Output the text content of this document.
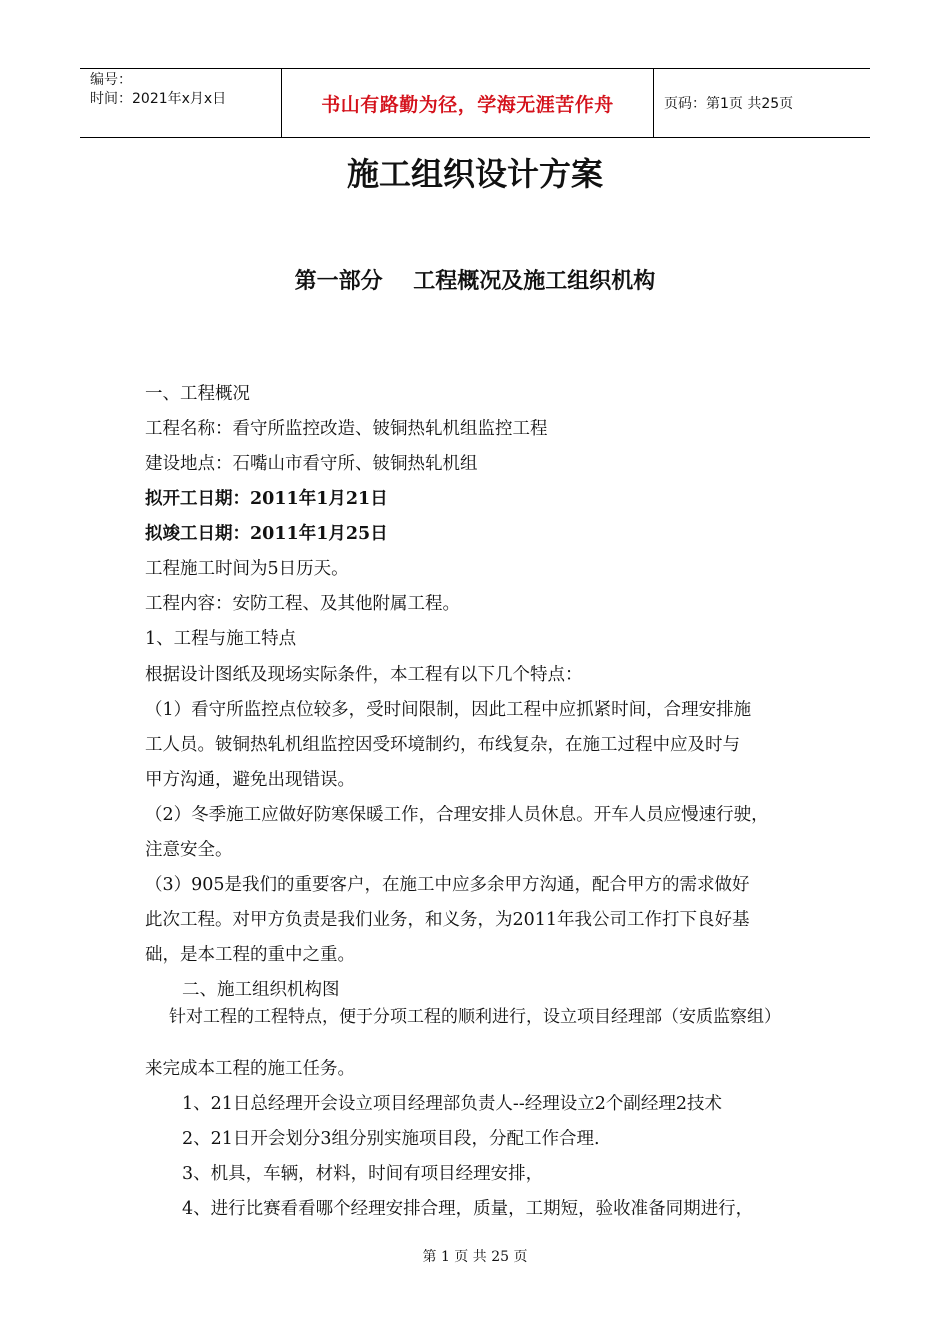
编号：
时间：2021年x月x日	书山有路勤为径，学海无涯苦作舟	页码：第1页 共25页
施工组织设计方案
第一部分    工程概况及施工组织机构
一、工程概况
工程名称：看守所监控改造、铍铜热轧机组监控工程
建设地点：石嘴山市看守所、铍铜热轧机组
拟开工日期：2011年1月21日
拟竣工日期：2011年1月25日
工程施工时间为5日历天。
工程内容：安防工程、及其他附属工程。
1、工程与施工特点
根据设计图纸及现场实际条件，本工程有以下几个特点：
（1）看守所监控点位较多，受时间限制，因此工程中应抓紧时间，合理安排施
工人员。铍铜热轧机组监控因受环境制约，布线复杂，在施工过程中应及时与
甲方沟通，避免出现错误。
（2）冬季施工应做好防寒保暖工作，合理安排人员休息。开车人员应慢速行驶，
注意安全。
（3）905是我们的重要客户，在施工中应多余甲方沟通，配合甲方的需求做好
此次工程。对甲方负责是我们业务，和义务，为2011年我公司工作打下良好基
础，是本工程的重中之重。
二、施工组织机构图
针对工程的工程特点，便于分项工程的顺利进行，设立项目经理部（安质监察组）
来完成本工程的施工任务。
1、21日总经理开会设立项目经理部负责人--经理设立2个副经理2技术
2、21日开会划分3组分别实施项目段，分配工作合理.
3、机具，车辆，材料，时间有项目经理安排，
4、进行比赛看看哪个经理安排合理，质量，工期短，验收准备同期进行，
第 1 页 共 25 页
